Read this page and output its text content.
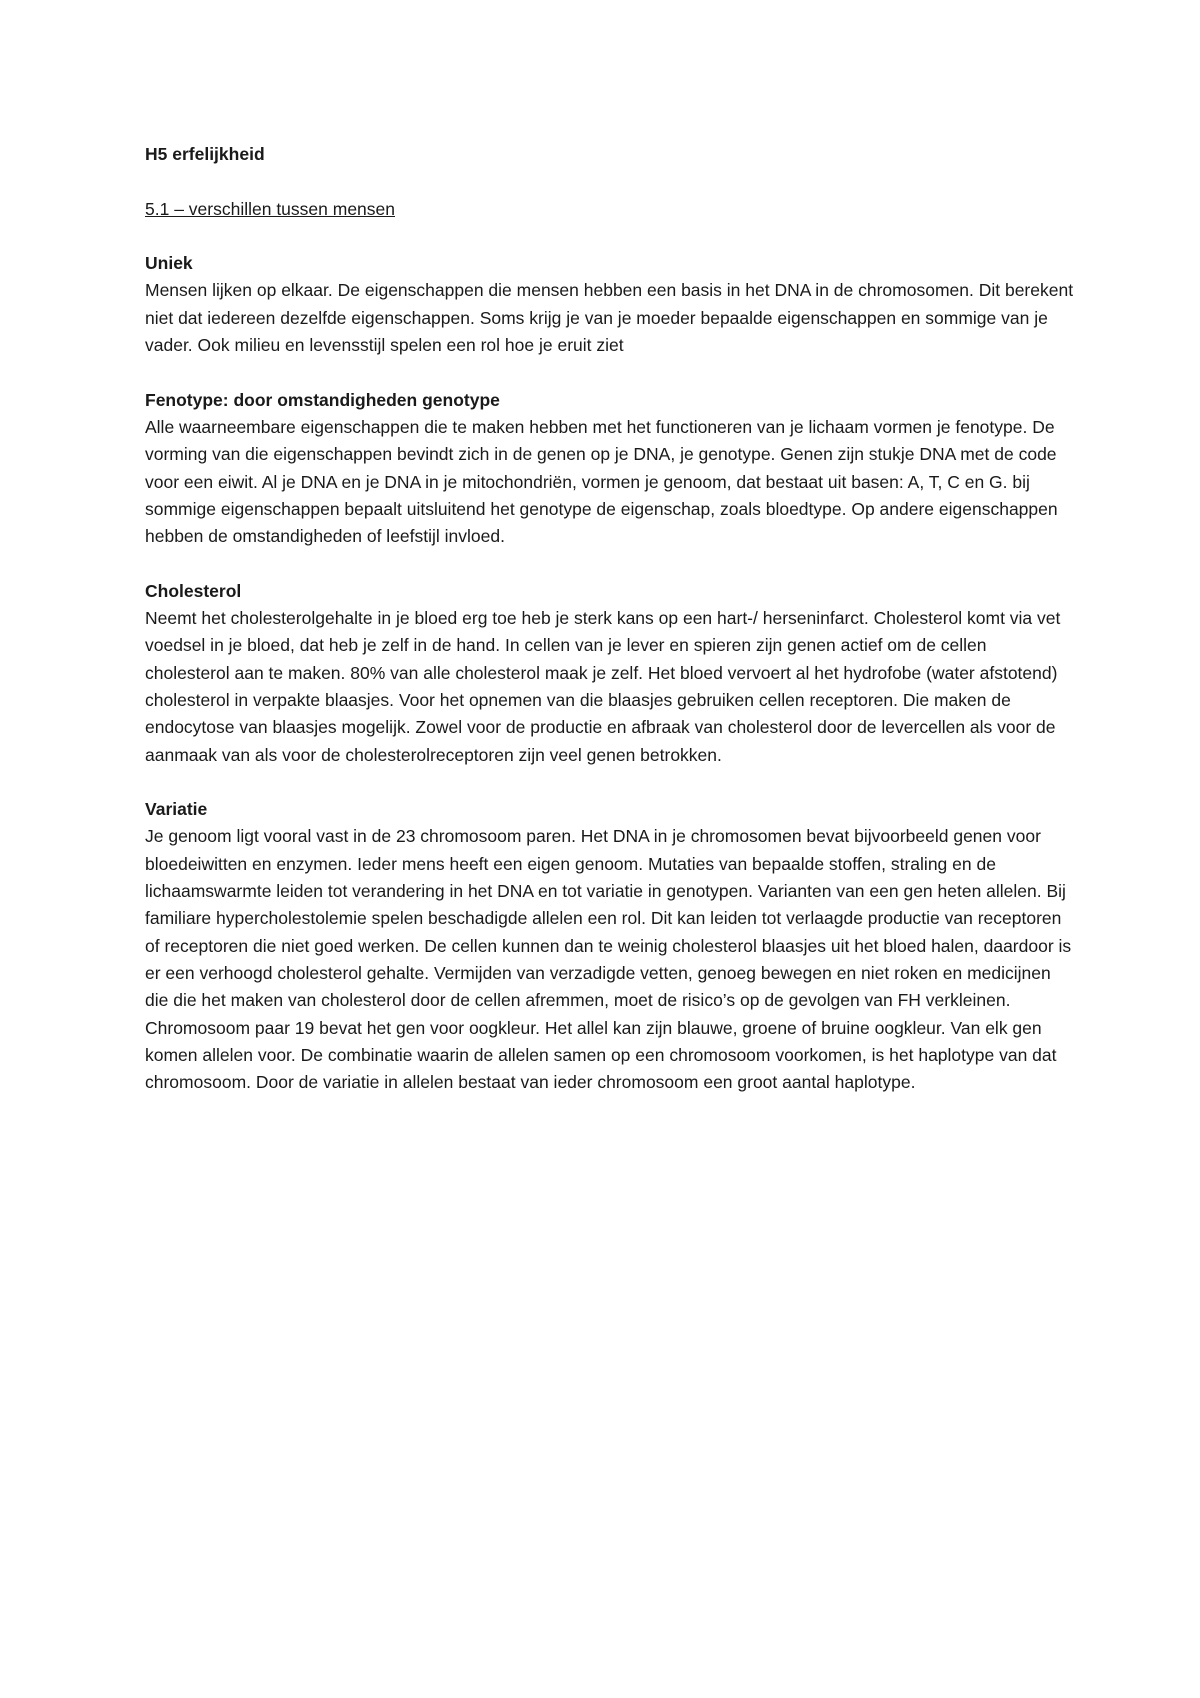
H5 erfelijkheid
5.1 – verschillen tussen mensen
Uniek

Mensen lijken op elkaar. De eigenschappen die mensen hebben een basis in het DNA in de chromosomen. Dit berekent niet dat iedereen dezelfde eigenschappen. Soms krijg je van je moeder bepaalde eigenschappen en sommige van je vader. Ook milieu en levensstijl spelen een rol hoe je eruit ziet

Fenotype: door omstandigheden genotype

Alle waarneembare eigenschappen die te maken hebben met het functioneren van je lichaam vormen je fenotype. De vorming van die eigenschappen bevindt zich in de genen op je DNA, je genotype. Genen zijn stukje DNA met de code voor een eiwit. Al je DNA en je DNA in je mitochondriën, vormen je genoom, dat bestaat uit basen: A, T, C en G. bij sommige eigenschappen bepaalt uitsluitend het genotype de eigenschap, zoals bloedtype. Op andere eigenschappen hebben de omstandigheden of leefstijl invloed.

Cholesterol

Neemt het cholesterolgehalte in je bloed erg toe heb je sterk kans op een hart-/ herseninfarct. Cholesterol komt via vet voedsel in je bloed, dat heb je zelf in de hand. In cellen van je lever en spieren zijn genen actief om de cellen cholesterol aan te maken. 80% van alle cholesterol maak je zelf. Het bloed vervoert al het hydrofobe (water afstotend) cholesterol in verpakte blaasjes. Voor het opnemen van die blaasjes gebruiken cellen receptoren. Die maken de endocytose van blaasjes mogelijk. Zowel voor de productie en afbraak van cholesterol door de levercellen als voor de aanmaak van als voor de cholesterolreceptoren zijn veel genen betrokken.

Variatie

Je genoom ligt vooral vast in de 23 chromosoom paren. Het DNA in je chromosomen bevat bijvoorbeeld genen voor bloedeiwitten en enzymen. Ieder mens heeft een eigen genoom. Mutaties van bepaalde stoffen, straling en de lichaamswarmte leiden tot verandering in het DNA en tot variatie in genotypen. Varianten van een gen heten allelen. Bij familiare hypercholestolemie spelen beschadigde allelen een rol. Dit kan leiden tot verlaagde productie van receptoren of receptoren die niet goed werken. De cellen kunnen dan te weinig cholesterol blaasjes uit het bloed halen, daardoor is er een verhoogd cholesterol gehalte. Vermijden van verzadigde vetten, genoeg bewegen en niet roken en medicijnen die die het maken van cholesterol door de cellen afremmen, moet de risico’s op de gevolgen van FH verkleinen. Chromosoom paar 19 bevat het gen voor oogkleur. Het allel kan zijn blauwe, groene of bruine oogkleur. Van elk gen komen allelen voor. De combinatie waarin de allelen samen op een chromosoom voorkomen, is het haplotype van dat chromosoom. Door de variatie in allelen bestaat van ieder chromosoom een groot aantal haplotype.
